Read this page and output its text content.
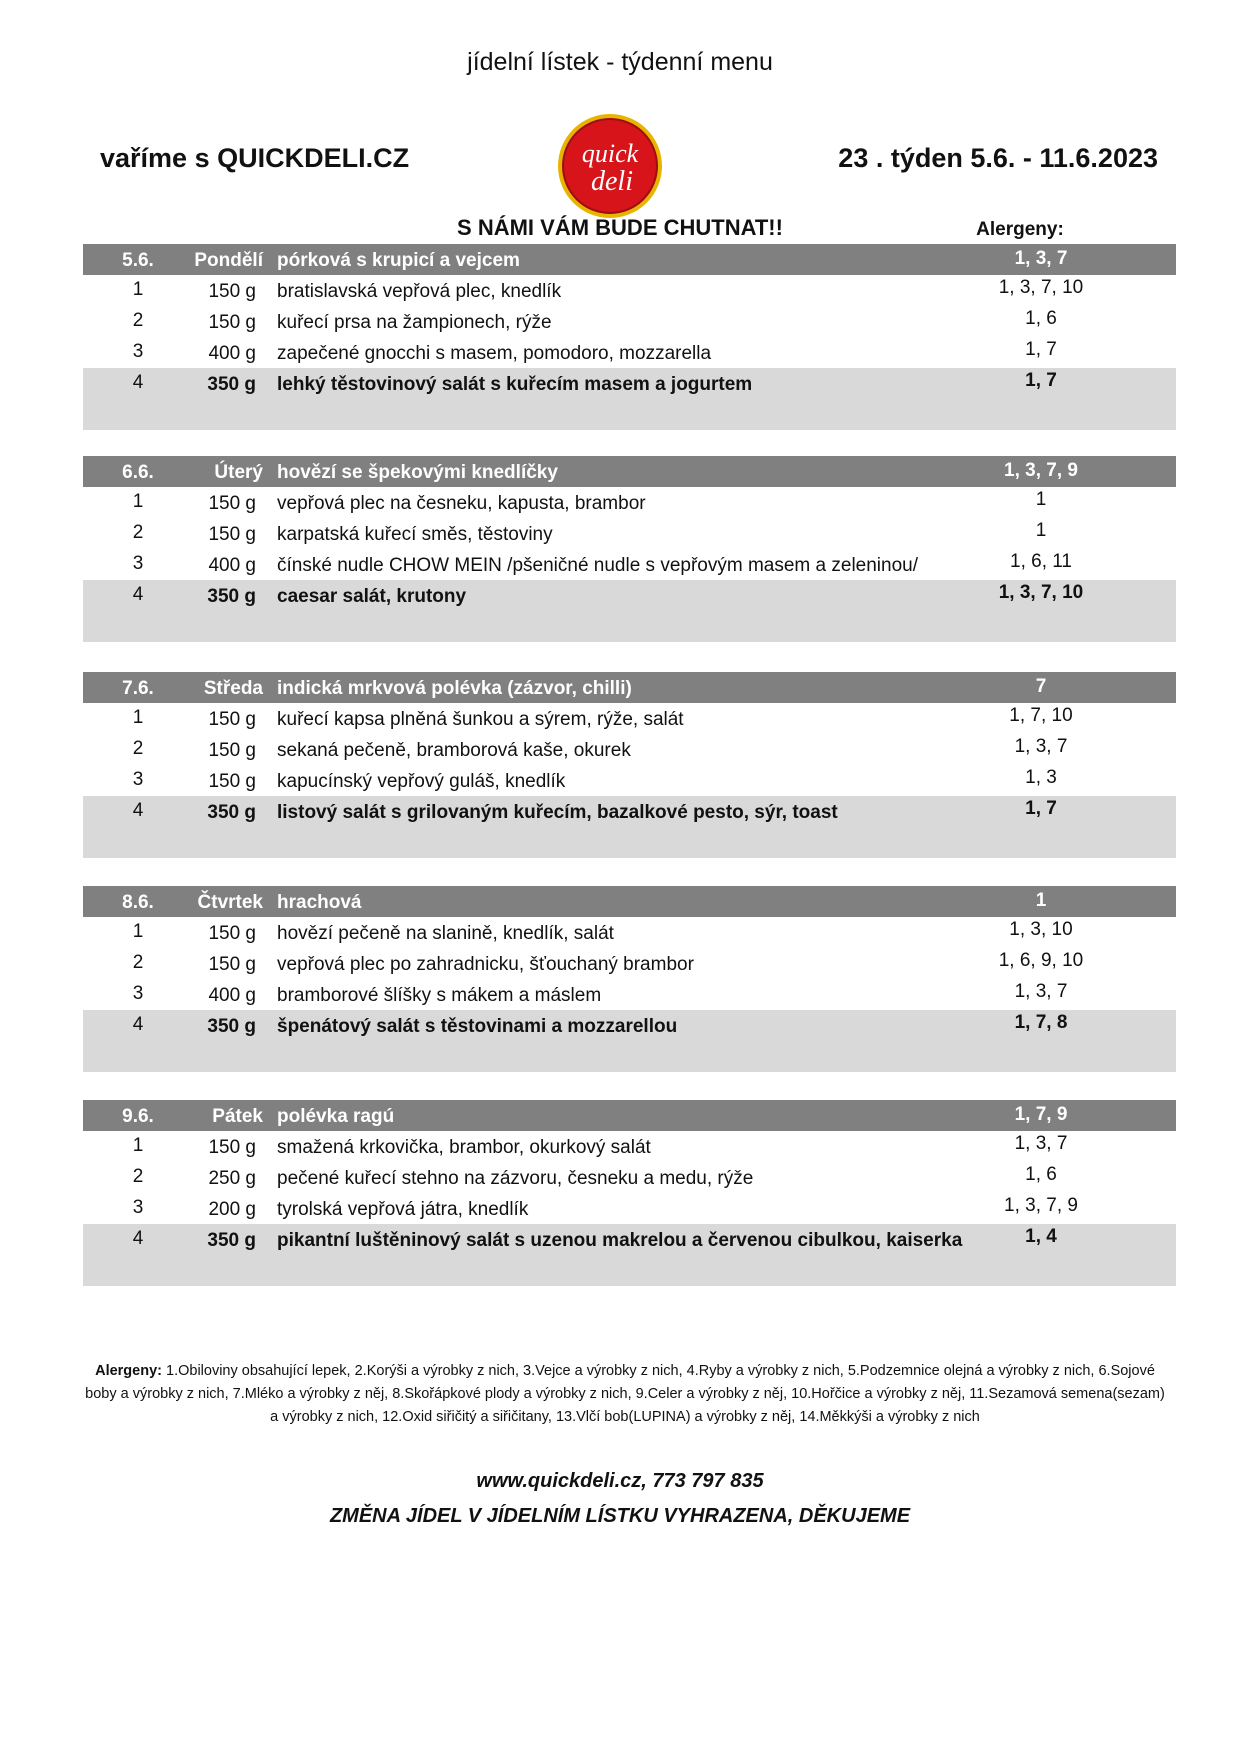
jídelní lístek - týdenní menu
vaříme s QUICKDELI.CZ	quick
deli
23 . týden 5.6. - 11.6.2023
S NÁMI VÁM BUDE CHUTNAT!!	Alergeny:
5.6.	Pondělí pórková s krupicí a vejcem	1, 3, 7
1	150 g bratislavská vepřová plec, knedlík	1, 3, 7, 10
2	150 g kuřecí prsa na žampionech, rýže	1, 6
3	400 g zapečené gnocchi s masem, pomodoro, mozzarella	1, 7
4	350 g lehký těstovinový salát s kuřecím masem a jogurtem	1, 7
6.6.	Úterý hovězí se špekovými knedlíčky	1, 3, 7, 9
1	150 g vepřová plec na česneku, kapusta, brambor	1
2	150 g karpatská kuřecí směs, těstoviny	1
3	400 g čínské nudle CHOW MEIN /pšeničné nudle s vepřovým masem a zeleninou/	1, 6, 11
4	350 g caesar salát, krutony	1, 3, 7, 10
7.6.	Středa indická mrkvová polévka (zázvor, chilli)	7
1	150 g kuřecí kapsa plněná šunkou a sýrem, rýže, salát	1, 7, 10
2	150 g sekaná pečeně, bramborová kaše, okurek	1, 3, 7
3	150 g kapucínský vepřový guláš, knedlík	1, 3
4	350 g listový salát s grilovaným kuřecím, bazalkové pesto, sýr, toast	1, 7
8.6.	Čtvrtek hrachová	1
1	150 g hovězí pečeně na slanině, knedlík, salát	1, 3, 10
2	150 g vepřová plec po zahradnicku, šťouchaný brambor	1, 6, 9, 10
3	400 g bramborové šlíšky s mákem a máslem	1, 3, 7
4	350 g špenátový salát s těstovinami a mozzarellou	1, 7, 8
9.6.	Pátek polévka ragú	1, 7, 9
1	150 g smažená krkovička, brambor, okurkový salát	1, 3, 7
2	250 g pečené kuřecí stehno na zázvoru, česneku a medu, rýže	1, 6
3	200 g tyrolská vepřová játra, knedlík	1, 3, 7, 9
4	350 g pikantní luštěninový salát s uzenou makrelou a červenou cibulkou, kaiserka	1, 4
Alergeny: 1.Obiloviny obsahující lepek, 2.Korýši a výrobky z nich, 3.Vejce a výrobky z nich, 4.Ryby a výrobky z nich, 5.Podzemnice olejná a výrobky z nich, 6.Sojové boby a výrobky z nich, 7.Mléko a výrobky z něj, 8.Skořápkové plody a výrobky z nich, 9.Celer a výrobky z něj, 10.Hořčice a výrobky z něj, 11.Sezamová semena(sezam) a výrobky z nich, 12.Oxid siřičitý a siřičitany, 13.Vlčí bob(LUPINA) a výrobky z něj, 14.Měkkýši a výrobky z nich
www.quickdeli.cz, 773 797 835
ZMĚNA JÍDEL V JÍDELNÍM LÍSTKU VYHRAZENA, DĚKUJEME
